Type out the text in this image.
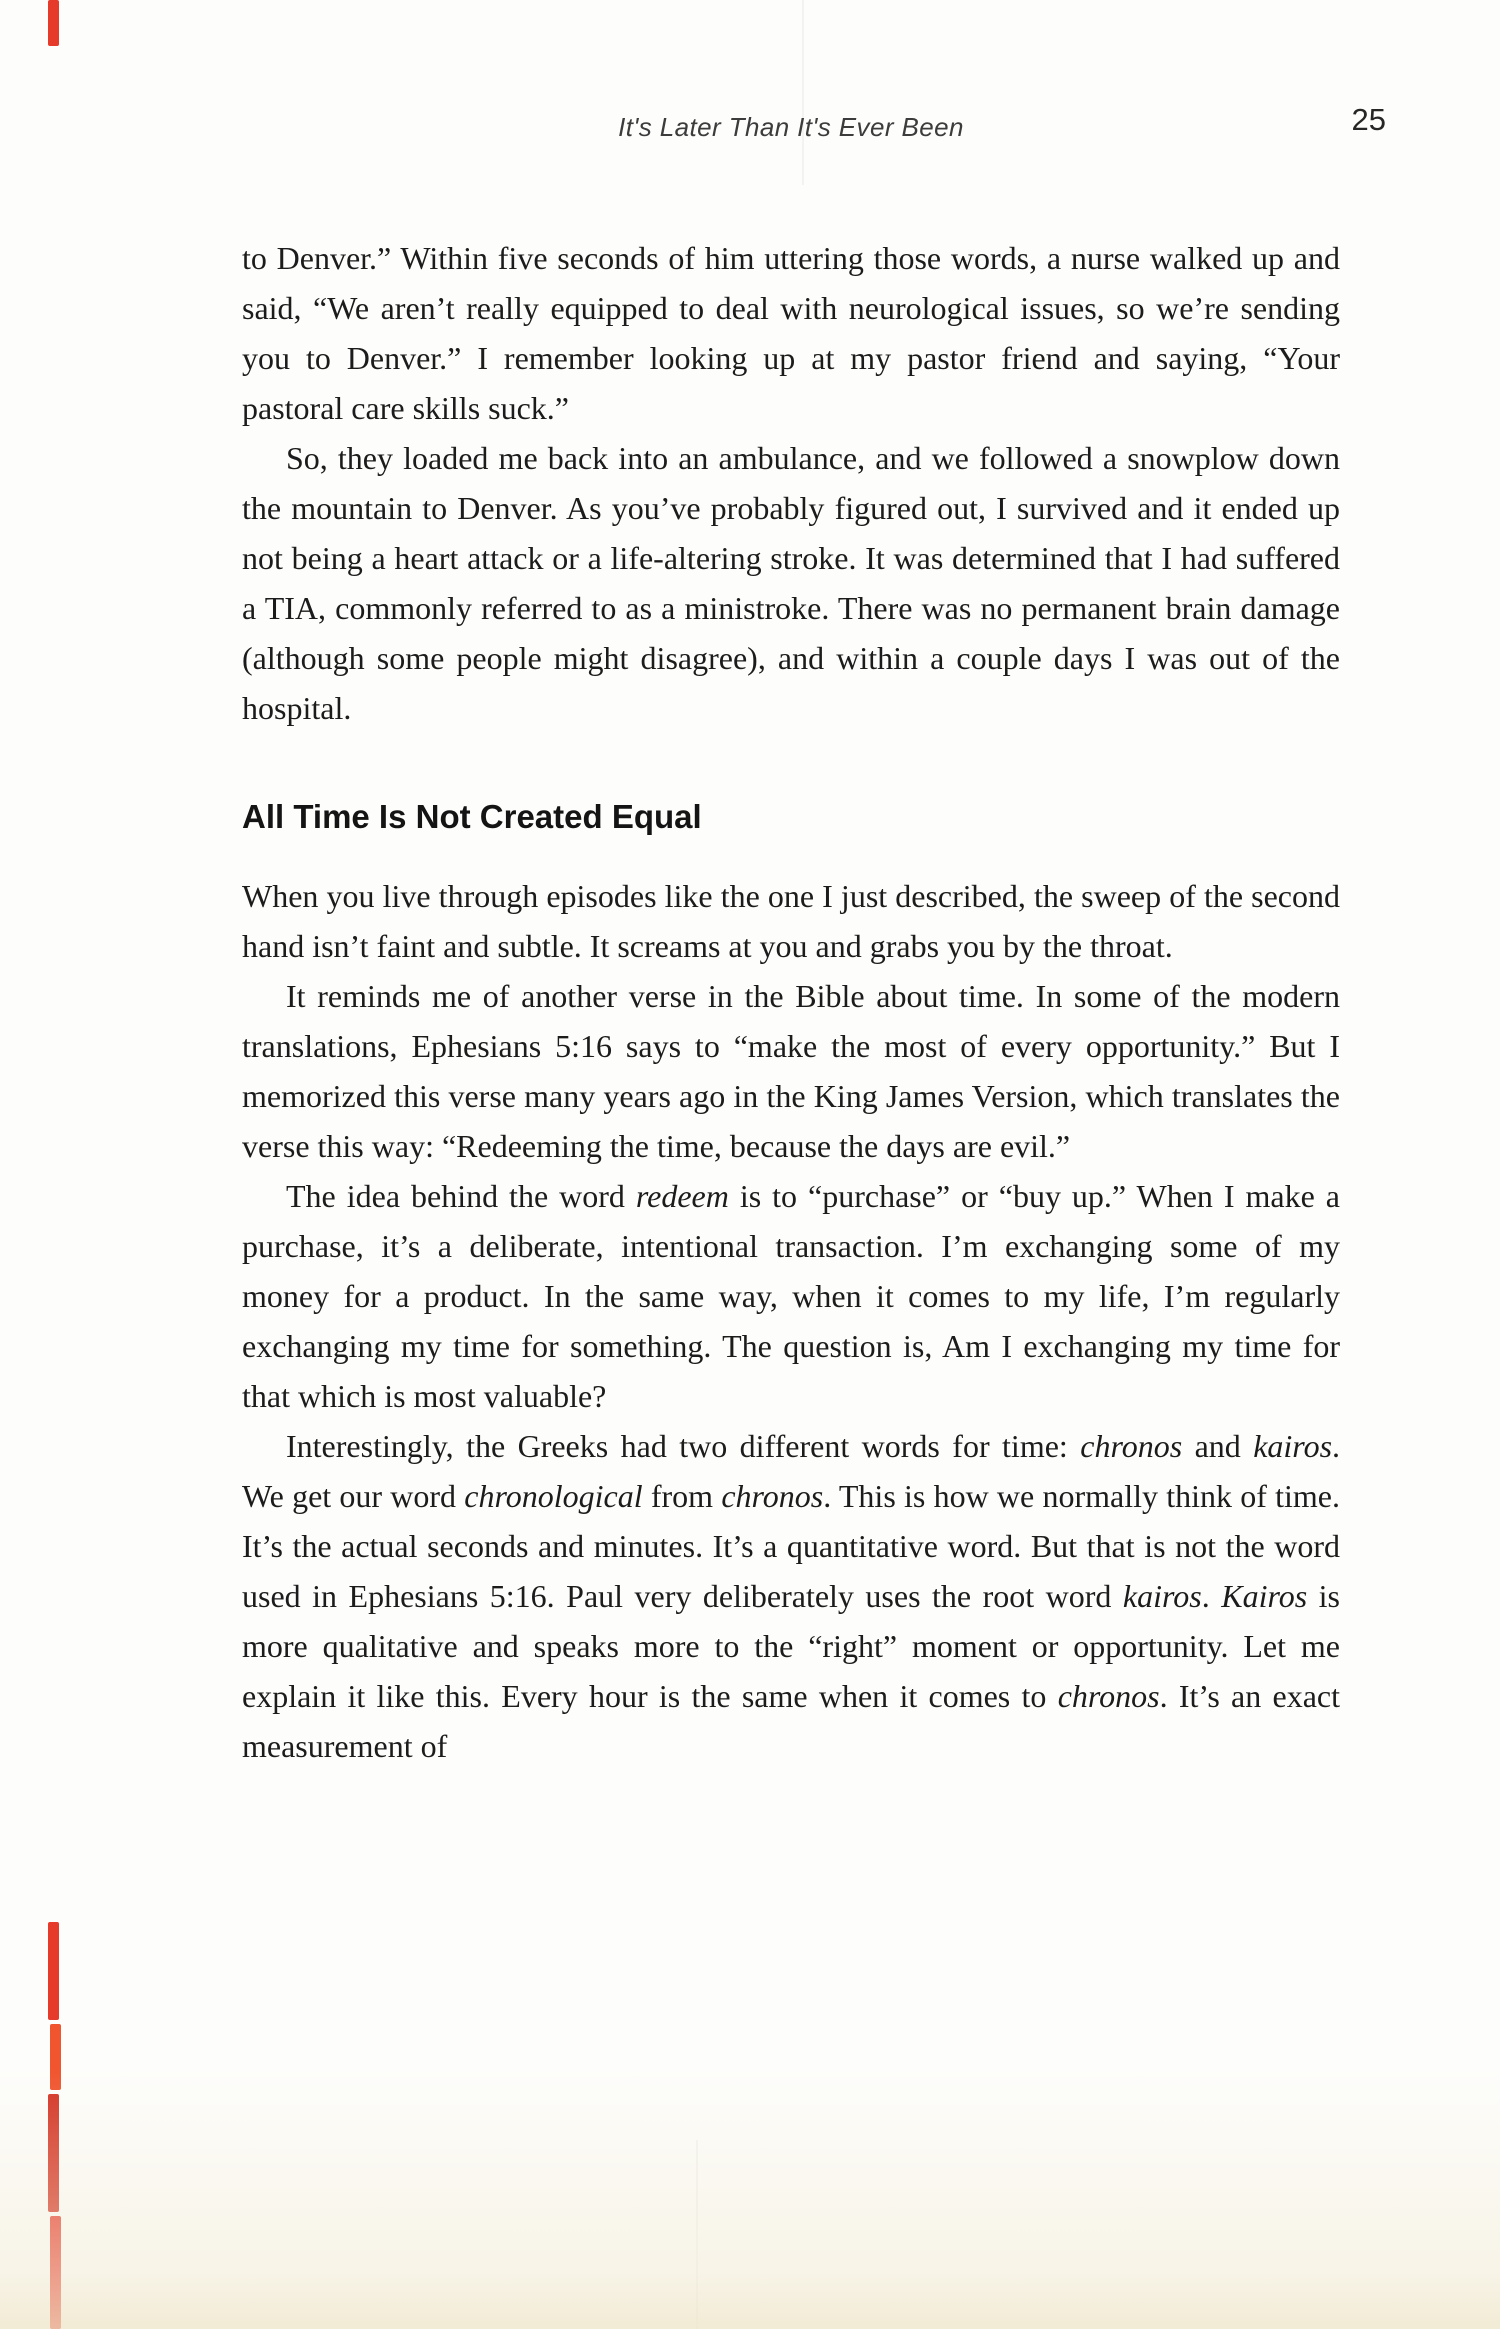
It's Later Than It's Ever Been	25

to Denver.” Within five seconds of him uttering those words, a nurse walked up and said, “We aren’t really equipped to deal with neurological issues, so we’re sending you to Denver.” I remember looking up at my pastor friend and saying, “Your pastoral care skills suck.”

So, they loaded me back into an ambulance, and we followed a snowplow down the mountain to Denver. As you’ve probably figured out, I survived and it ended up not being a heart attack or a life-altering stroke. It was determined that I had suffered a TIA, commonly referred to as a ministroke. There was no permanent brain damage (although some people might disagree), and within a couple days I was out of the hospital.

All Time Is Not Created Equal

When you live through episodes like the one I just described, the sweep of the second hand isn’t faint and subtle. It screams at you and grabs you by the throat.

It reminds me of another verse in the Bible about time. In some of the modern translations, Ephesians 5:16 says to “make the most of every opportunity.” But I memorized this verse many years ago in the King James Version, which translates the verse this way: “Redeeming the time, because the days are evil.”

The idea behind the word redeem is to “purchase” or “buy up.” When I make a purchase, it’s a deliberate, intentional transaction. I’m exchanging some of my money for a product. In the same way, when it comes to my life, I’m regularly exchanging my time for something. The question is, Am I exchanging my time for that which is most valuable?

Interestingly, the Greeks had two different words for time: chronos and kairos. We get our word chronological from chronos. This is how we normally think of time. It’s the actual seconds and minutes. It’s a quantitative word. But that is not the word used in Ephesians 5:16. Paul very deliberately uses the root word kairos. Kairos is more qualitative and speaks more to the “right” moment or opportunity. Let me explain it like this. Every hour is the same when it comes to chronos. It’s an exact measurement of
